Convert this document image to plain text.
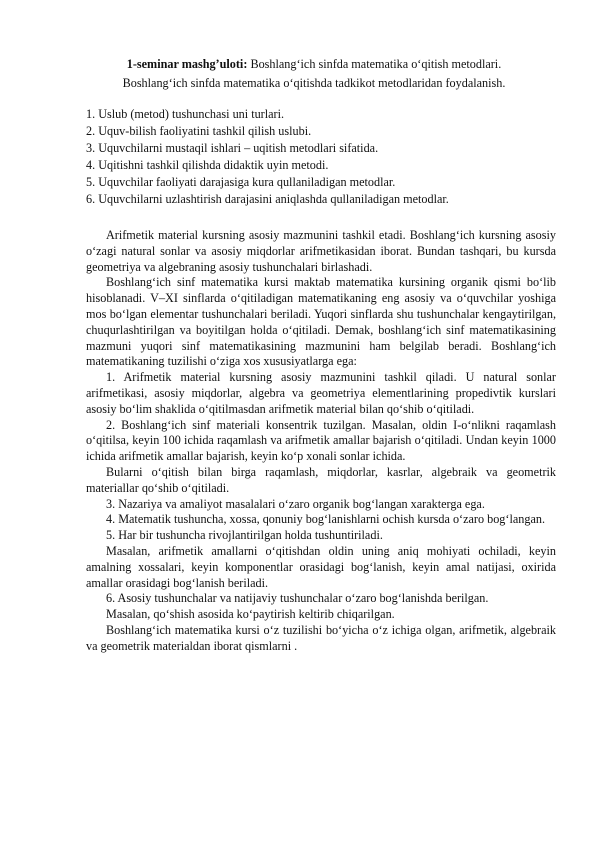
1-seminar mashg’uloti: Boshlang‘ich sinfda matematika o‘qitish metodlari.
Boshlang‘ich sinfda matematika o‘qitishda tadkikot metodlaridan foydalanish.
1. Uslub (metod) tushunchasi uni turlari.
2. Uquv-bilish faoliyatini tashkil qilish uslubi.
3. Uquvchilarni mustaqil ishlari – uqitish metodlari sifatida.
4. Uqitishni tashkil qilishda didaktik uyin metodi.
5. Uquvchilar faoliyati darajasiga kura qullaniladigan metodlar.
6. Uquvchilarni uzlashtirish darajasini aniqlashda qullaniladigan metodlar.

Arifmetik material kursning asosiy mazmunini tashkil etadi. Boshlang‘ich kursning asosiy o‘zagi natural sonlar va asosiy miqdorlar arifmetikasidan iborat. Bundan tashqari, bu kursda geometriya va algebraning asosiy tushunchalari birlashadi.

Boshlang‘ich sinf matematika kursi maktab matematika kursining organik qismi bo‘lib hisoblanadi. V–XI sinflarda o‘qitiladigan matematikaning eng asosiy va o‘quvchilar yoshiga mos bo‘lgan elementar tushunchalari beriladi. Yuqori sinflarda shu tushunchalar kengaytirilgan, chuqurlashtirilgan va boyitilgan holda o‘qitiladi. Demak, boshlang‘ich sinf matematikasining mazmuni yuqori sinf matematikasining mazmunini ham belgilab beradi. Boshlang‘ich matematikaning tuzilishi o‘ziga xos xususiyatlarga ega:

1. Arifmetik material kursning asosiy mazmunini tashkil qiladi. U natural sonlar arifmetikasi, asosiy miqdorlar, algebra va geometriya elementlarining propedivtik kurslari asosiy bo‘lim shaklida o‘qitilmasdan arifmetik material bilan qo‘shib o‘qitiladi.

2. Boshlang‘ich sinf materiali konsentrik tuzilgan. Masalan, oldin I-o‘nlikni raqamlash o‘qitilsa, keyin 100 ichida raqamlash va arifmetik amallar bajarish o‘qitiladi. Undan keyin 1000 ichida arifmetik amallar bajarish, keyin ko‘p xonali sonlar ichida.

Bularni o‘qitish bilan birga raqamlash, miqdorlar, kasrlar, algebraik va geometrik materiallar qo‘shib o‘qitiladi.

3. Nazariya va amaliyot masalalari o‘zaro organik bog‘langan xarakterga ega.

4. Matematik tushuncha, xossa, qonuniy bog‘lanishlarni ochish kursda o‘zaro bog‘langan.

5. Har bir tushuncha rivojlantirilgan holda tushuntiriladi.

Masalan, arifmetik amallarni o‘qitishdan oldin uning aniq mohiyati ochiladi, keyin amalning xossalari, keyin komponentlar orasidagi bog‘lanish, keyin amal natijasi, oxirida amallar orasidagi bog‘lanish beriladi.

6. Asosiy tushunchalar va natijaviy tushunchalar o‘zaro bog‘lanishda berilgan.

Masalan, qo‘shish asosida ko‘paytirish keltirib chiqarilgan.

Boshlang‘ich matematika kursi o‘z tuzilishi bo‘yicha o‘z ichiga olgan, arifmetik, algebraik va geometrik materialdan iborat qismlarni .
